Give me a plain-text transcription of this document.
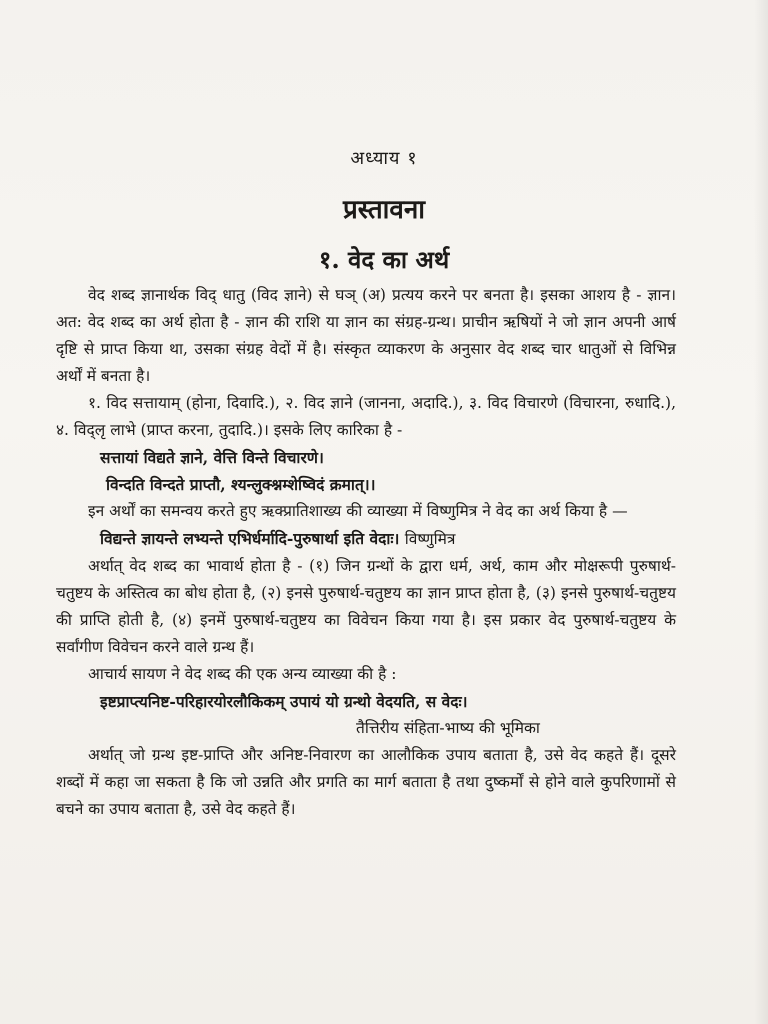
अध्याय १
प्रस्तावना
१. वेद का अर्थ

वेद शब्द ज्ञानार्थक विद् धातु (विद ज्ञाने) से घञ् (अ) प्रत्यय करने पर बनता है। इसका आशय है - ज्ञान। अत: वेद शब्द का अर्थ होता है - ज्ञान की राशि या ज्ञान का संग्रह-ग्रन्थ। प्राचीन ऋषियों ने जो ज्ञान अपनी आर्ष दृष्टि से प्राप्त किया था, उसका संग्रह वेदों में है। संस्कृत व्याकरण के अनुसार वेद शब्द चार धातुओं से विभिन्न अर्थों में बनता है।

१. विद सत्तायाम् (होना, दिवादि.), २. विद ज्ञाने (जानना, अदादि.), ३. विद विचारणे (विचारना, रुधादि.), ४. विद्लृ लाभे (प्राप्त करना, तुदादि.)। इसके लिए कारिका है -

सत्तायां विद्यते ज्ञाने, वेत्ति विन्ते विचारणे।

विन्दति विन्दते प्राप्तौ, श्यन्लुक्श्नम्शेष्विदं क्रमात्।।

इन अर्थों का समन्वय करते हुए ऋक्प्रातिशाख्य की व्याख्या में विष्णुमित्र ने वेद का अर्थ किया है —

विद्यन्ते ज्ञायन्ते लभ्यन्ते एभिर्धर्मादि-पुरुषार्था इति वेदाः। विष्णुमित्र

अर्थात् वेद शब्द का भावार्थ होता है - (१) जिन ग्रन्थों के द्वारा धर्म, अर्थ, काम और मोक्षरूपी पुरुषार्थ-चतुष्टय के अस्तित्व का बोध होता है, (२) इनसे पुरुषार्थ-चतुष्टय का ज्ञान प्राप्त होता है, (३) इनसे पुरुषार्थ-चतुष्टय की प्राप्ति होती है, (४) इनमें पुरुषार्थ-चतुष्टय का विवेचन किया गया है। इस प्रकार वेद पुरुषार्थ-चतुष्टय के सर्वांगीण विवेचन करने वाले ग्रन्थ हैं।

आचार्य सायण ने वेद शब्द की एक अन्य व्याख्या की है :

इष्टप्राप्त्यनिष्ट-परिहारयोरलौकिकम् उपायं यो ग्रन्थो वेदयति, स वेदः।

तैत्तिरीय संहिता-भाष्य की भूमिका

अर्थात् जो ग्रन्थ इष्ट-प्राप्ति और अनिष्ट-निवारण का आलौकिक उपाय बताता है, उसे वेद कहते हैं। दूसरे शब्दों में कहा जा सकता है कि जो उन्नति और प्रगति का मार्ग बताता है तथा दुष्कर्मों से होने वाले कुपरिणामों से बचने का उपाय बताता है, उसे वेद कहते हैं।
